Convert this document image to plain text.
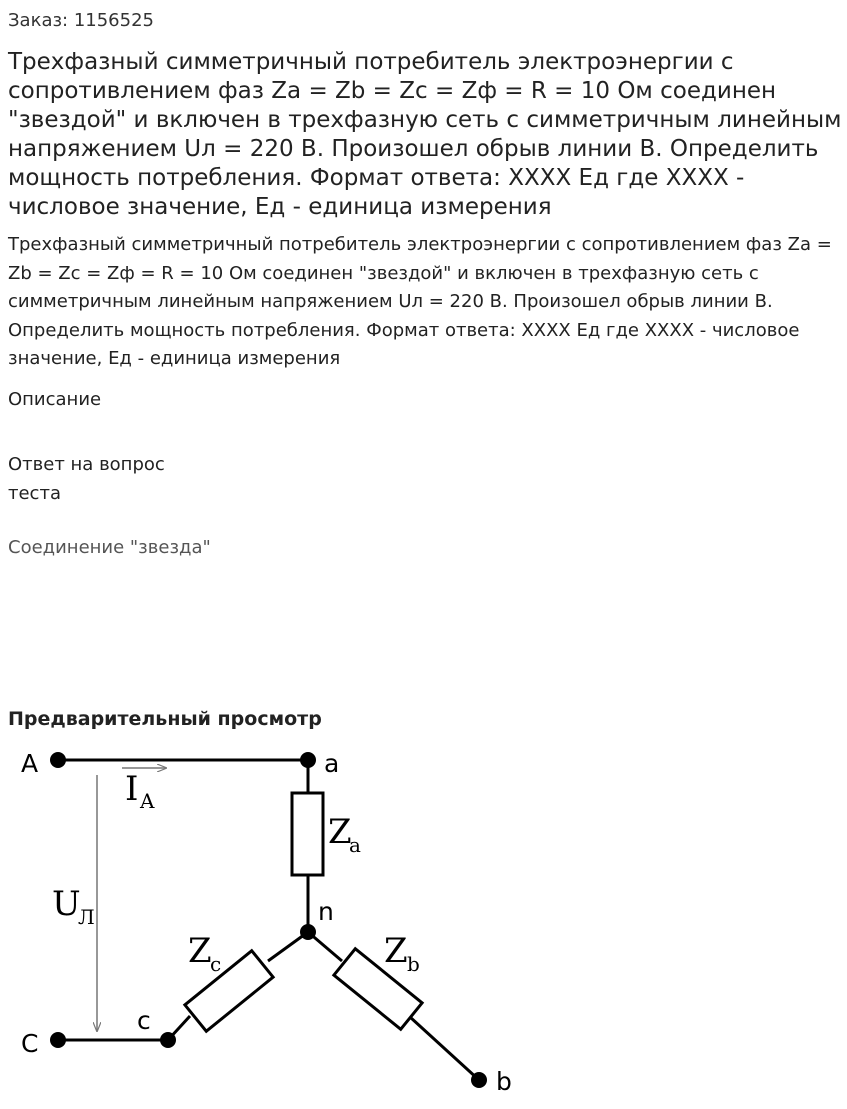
Заказ: 1156525
Трехфазный симметричный потребитель электроэнергии с сопротивлением фаз Za = Zb = Zc = Zф = R = 10 Ом соединен "звездой" и включен в трехфазную сеть с симметричным линейным напряжением Uл = 220 В. Произошел обрыв линии B. Определить мощность потребления. Формат ответа: XXXX Ед где XXXX - числовое значение, Ед - единица измерения
Трехфазный симметричный потребитель электроэнергии с сопротивлением фаз Za = Zb = Zc = Zф = R = 10 Ом соединен "звездой" и включен в трехфазную сеть с симметричным линейным напряжением Uл = 220 В. Произошел обрыв линии B. Определить мощность потребления. Формат ответа: XXXX Ед где XXXX - числовое значение, Ед - единица измерения
Описание
Ответ на вопрос теста
Соединение "звезда"
Предварительный просмотр
A	a
n
c
C
b
I A
U
Л
Z
a
Z
c	Z b
